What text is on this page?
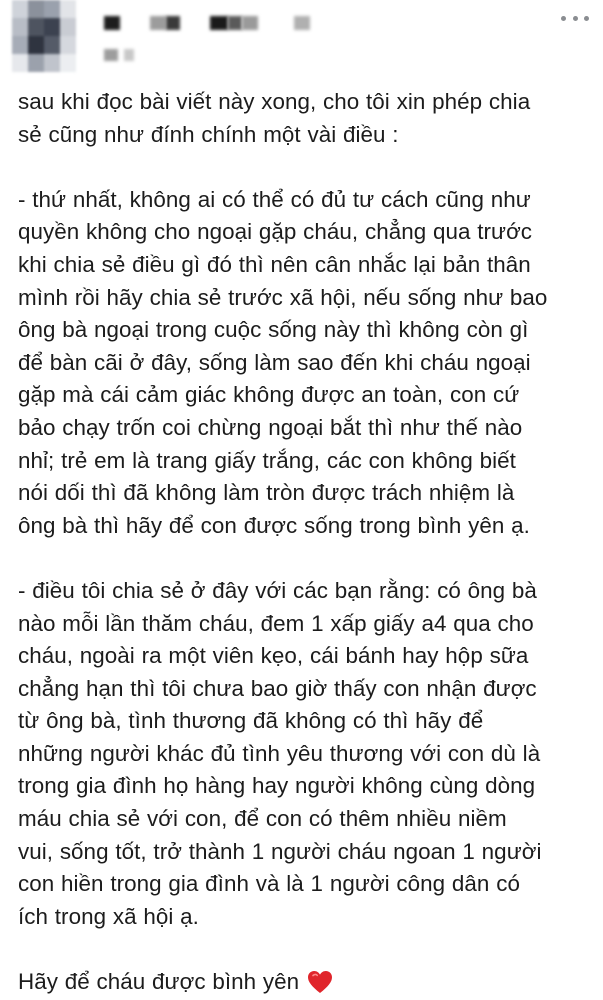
sau khi đọc bài viết này xong, cho tôi xin phép chia
sẻ cũng như đính chính một vài điều :

- thứ nhất, không ai có thể có đủ tư cách cũng như
quyền không cho ngoại gặp cháu, chẳng qua trước
khi chia sẻ điều gì đó thì nên cân nhắc lại bản thân
mình rồi hãy chia sẻ trước xã hội, nếu sống như bao
ông bà ngoại trong cuộc sống này thì không còn gì
để bàn cãi ở đây, sống làm sao đến khi cháu ngoại
gặp mà cái cảm giác không được an toàn, con cứ
bảo chạy trốn coi chừng ngoại bắt thì như thế nào
nhỉ; trẻ em là trang giấy trắng, các con không biết
nói dối thì đã không làm tròn được trách nhiệm là
ông bà thì hãy để con được sống trong bình yên ạ.

- điều tôi chia sẻ ở đây với các bạn rằng: có ông bà
nào mỗi lần thăm cháu, đem 1 xấp giấy a4 qua cho
cháu, ngoài ra một viên kẹo, cái bánh hay hộp sữa
chẳng hạn thì tôi chưa bao giờ thấy con nhận được
từ ông bà, tình thương đã không có thì hãy để
những người khác đủ tình yêu thương với con dù là
trong gia đình họ hàng hay người không cùng dòng
máu chia sẻ với con, để con có thêm nhiều niềm
vui, sống tốt, trở thành 1 người cháu ngoan 1 người
con hiền trong gia đình và là 1 người công dân có
ích trong xã hội ạ.

Hãy để cháu được bình yên
